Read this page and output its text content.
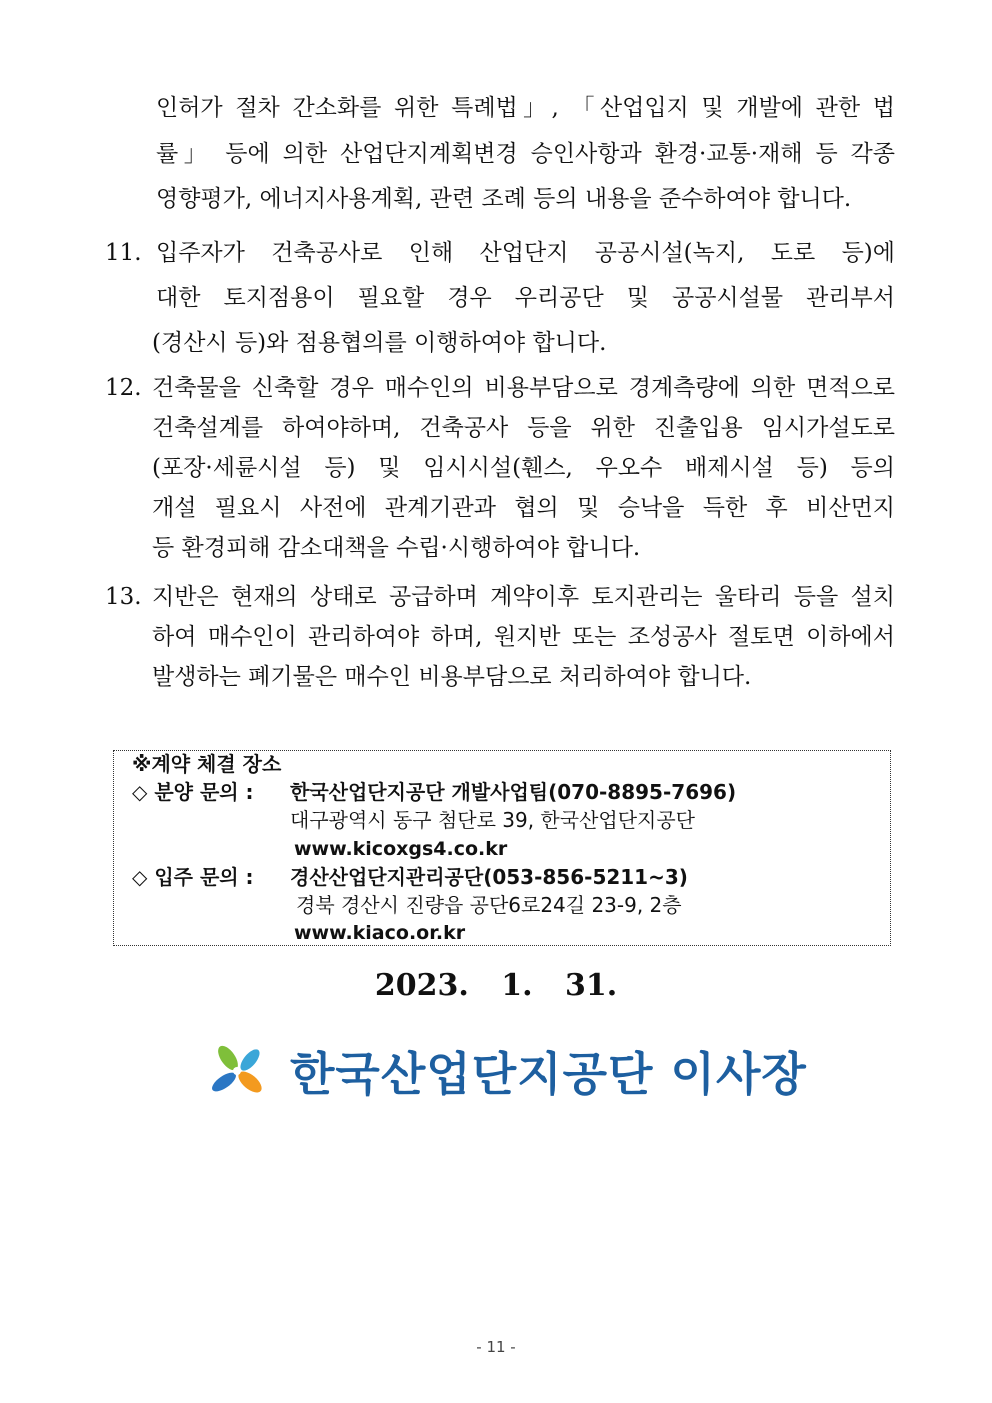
인허가 절차 간소화를 위한 특례법」, 「산업입지 및 개발에 관한 법
률」 등에 의한 산업단지계획변경 승인사항과 환경·교통·재해 등 각종
영향평가, 에너지사용계획, 관련 조례 등의 내용을 준수하여야 합니다.
11. 입주자가 건축공사로 인해 산업단지 공공시설(녹지, 도로 등)에
대한 토지점용이 필요할 경우 우리공단 및 공공시설물 관리부서
(경산시 등)와 점용협의를 이행하여야 합니다.
12. 건축물을 신축할 경우 매수인의 비용부담으로 경계측량에 의한 면적으로
건축설계를 하여야하며, 건축공사 등을 위한 진출입용 임시가설도로
(포장·세륜시설 등) 및 임시시설(휀스, 우오수 배제시설 등) 등의
개설 필요시 사전에 관계기관과 협의 및 승낙을 득한 후 비산먼지
등 환경피해 감소대책을 수립·시행하여야 합니다.
13. 지반은 현재의 상태로 공급하며 계약이후 토지관리는 울타리 등을 설치
하여 매수인이 관리하여야 하며, 원지반 또는 조성공사 절토면 이하에서
발생하는 폐기물은 매수인 비용부담으로 처리하여야 합니다.
※계약 체결 장소
◇ 분양 문의 : 한국산업단지공단 개발사업팀(070-8895-7696)
대구광역시 동구 첨단로 39, 한국산업단지공단
www.kicoxgs4.co.kr
◇ 입주 문의 : 경산산업단지관리공단(053-856-5211~3)
경북 경산시 진량읍 공단6로24길 23-9, 2층
www.kiaco.or.kr
2023. 1. 31.
한국산업단지공단 이사장
- 11 -
